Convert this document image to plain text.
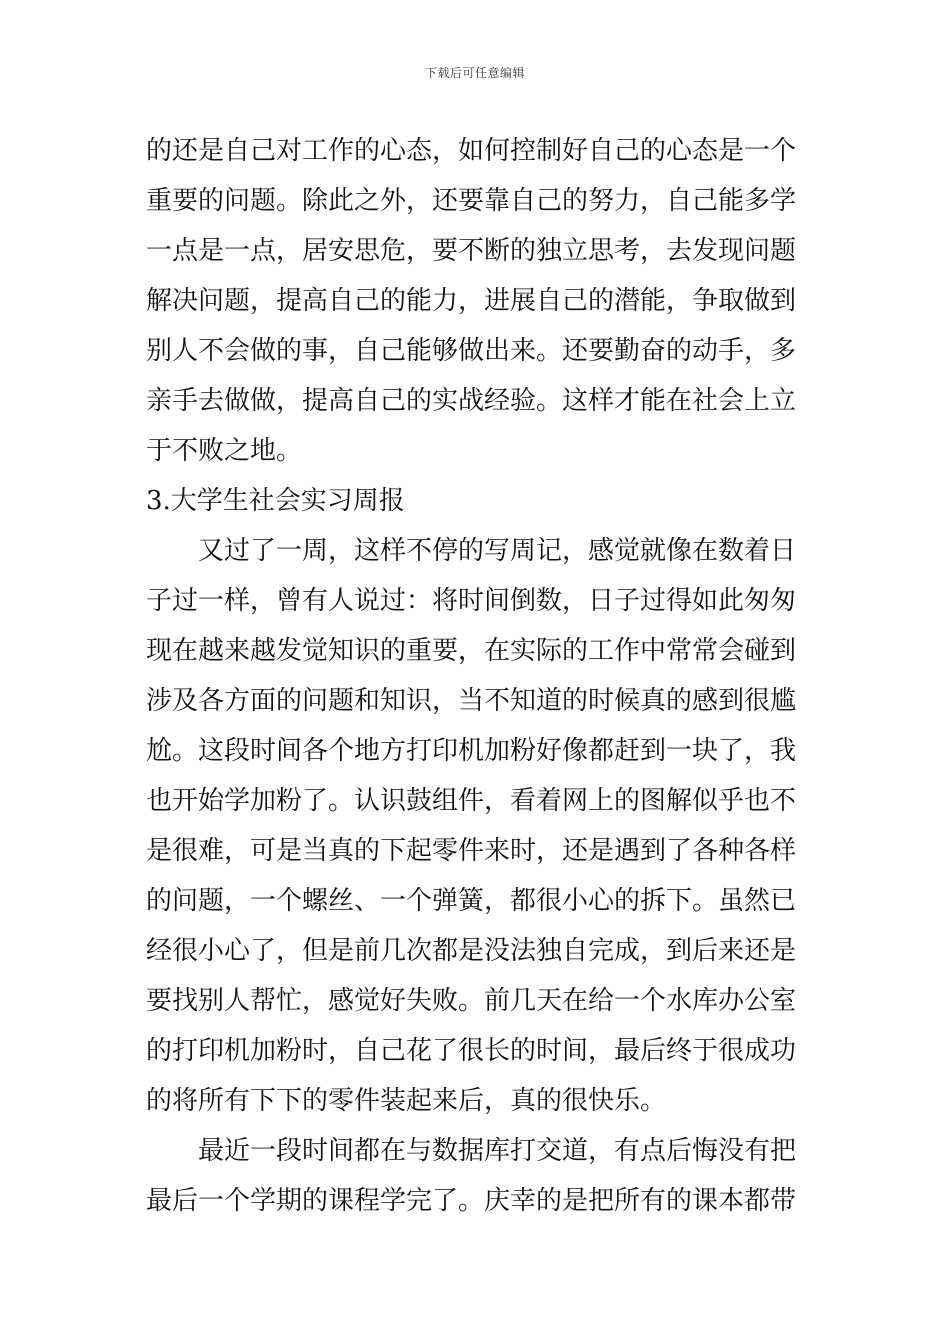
下载后可任意编辑
的还是自己对工作的心态，如何控制好自己的心态是一个
重要的问题。除此之外，还要靠自己的努力，自己能多学
一点是一点，居安思危，要不断的独立思考，去发现问题
解决问题，提高自己的能力，进展自己的潜能，争取做到
别人不会做的事，自己能够做出来。还要勤奋的动手，多
亲手去做做，提高自己的实战经验。这样才能在社会上立
于不败之地。
3.大学生社会实习周报
又过了一周，这样不停的写周记，感觉就像在数着日
子过一样，曾有人说过：将时间倒数，日子过得如此匆匆
现在越来越发觉知识的重要，在实际的工作中常常会碰到
涉及各方面的问题和知识，当不知道的时候真的感到很尴
尬。这段时间各个地方打印机加粉好像都赶到一块了，我
也开始学加粉了。认识鼓组件，看着网上的图解似乎也不
是很难，可是当真的下起零件来时，还是遇到了各种各样
的问题，一个螺丝、一个弹簧，都很小心的拆下。虽然已
经很小心了，但是前几次都是没法独自完成，到后来还是
要找别人帮忙，感觉好失败。前几天在给一个水库办公室
的打印机加粉时，自己花了很长的时间，最后终于很成功
的将所有下下的零件装起来后，真的很快乐。
最近一段时间都在与数据库打交道，有点后悔没有把
最后一个学期的课程学完了。庆幸的是把所有的课本都带
